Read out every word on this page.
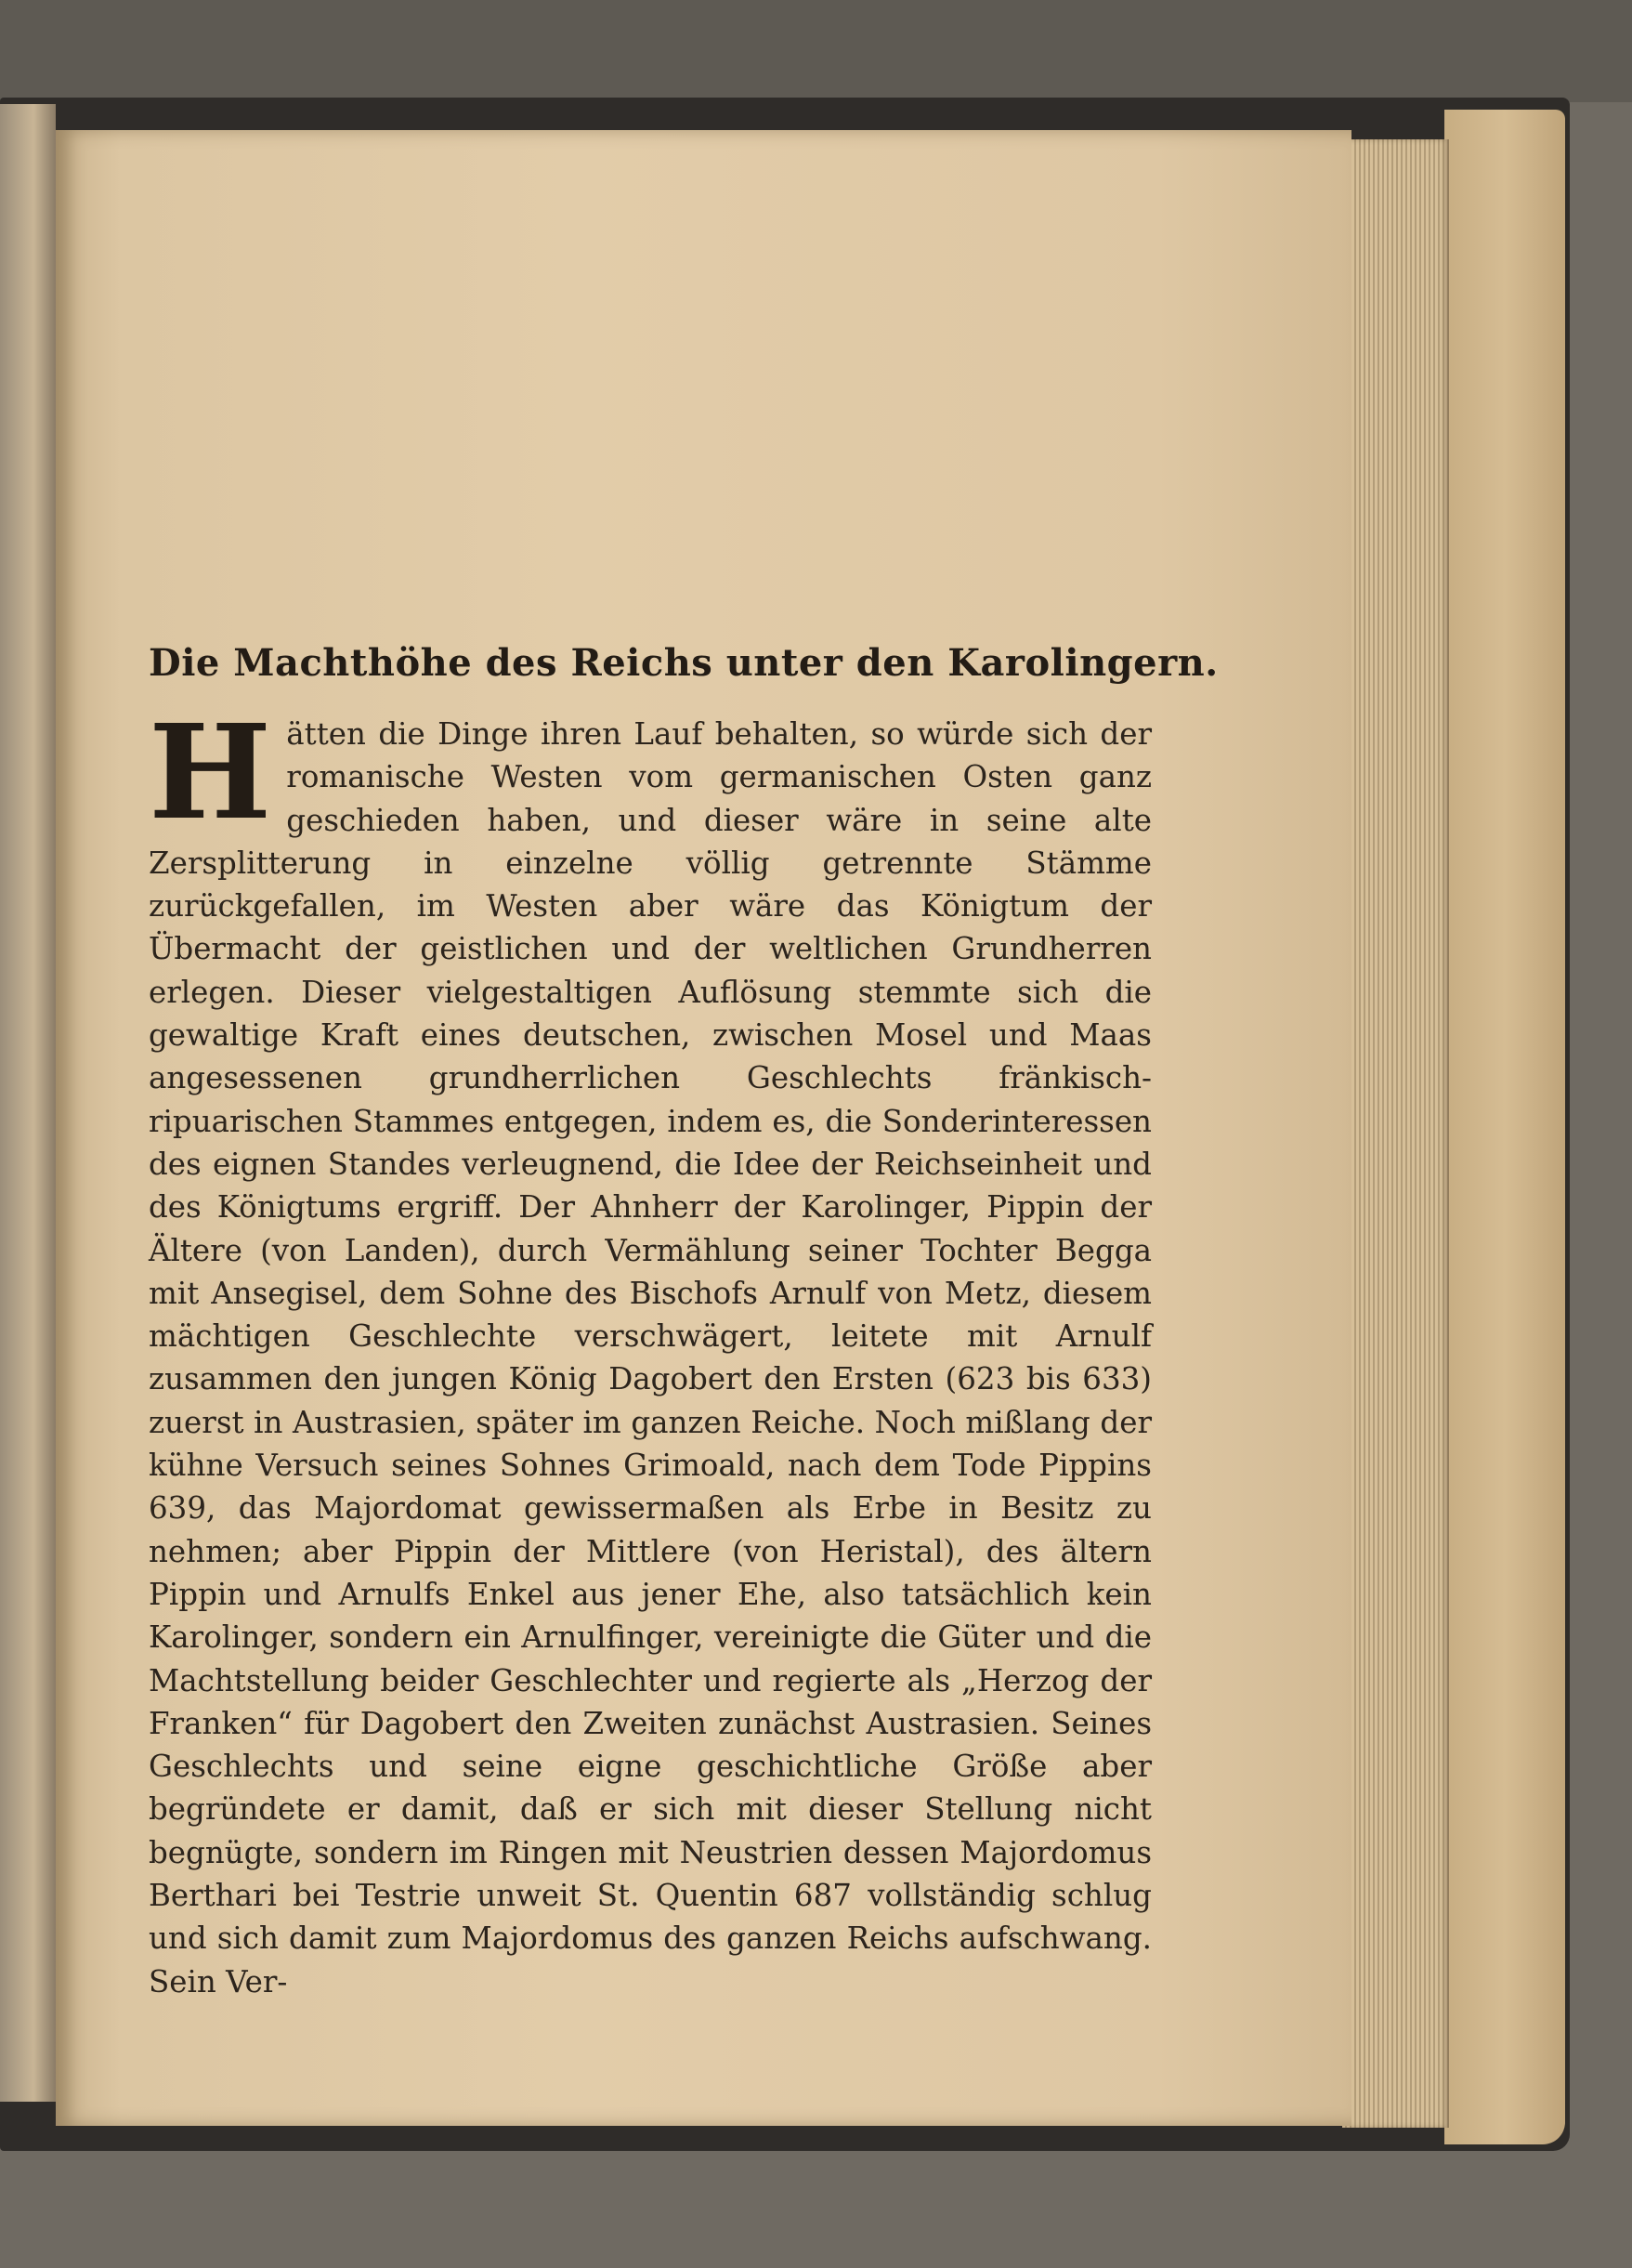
Die Machthöhe des Reichs unter den Karolingern.

Hätten die Dinge ihren Lauf behalten, so würde sich der romanische Westen vom germanischen Osten ganz geschieden haben, und dieser wäre in seine alte Zersplitterung in einzelne völlig getrennte Stämme zurückgefallen, im Westen aber wäre das Königtum der Übermacht der geistlichen und der weltlichen Grundherren erlegen. Dieser vielgestaltigen Auflösung stemmte sich die gewaltige Kraft eines deutschen, zwischen Mosel und Maas angesessenen grundherrlichen Geschlechts fränkisch-ripuarischen Stammes entgegen, indem es, die Sonderinteressen des eignen Standes verleugnend, die Idee der Reichseinheit und des Königtums ergriff. Der Ahnherr der Karolinger, Pippin der Ältere (von Landen), durch Vermählung seiner Tochter Begga mit Ansegisel, dem Sohne des Bischofs Arnulf von Metz, diesem mächtigen Geschlechte verschwägert, leitete mit Arnulf zusammen den jungen König Dagobert den Ersten (623 bis 633) zuerst in Austrasien, später im ganzen Reiche. Noch mißlang der kühne Versuch seines Sohnes Grimoald, nach dem Tode Pippins 639, das Majordomat gewissermaßen als Erbe in Besitz zu nehmen; aber Pippin der Mittlere (von Heristal), des ältern Pippin und Arnulfs Enkel aus jener Ehe, also tatsächlich kein Karolinger, sondern ein Arnulfinger, vereinigte die Güter und die Machtstellung beider Geschlechter und regierte als „Herzog der Franken“ für Dagobert den Zweiten zunächst Austrasien. Seines Geschlechts und seine eigne geschichtliche Größe aber begründete er damit, daß er sich mit dieser Stellung nicht begnügte, sondern im Ringen mit Neustrien dessen Majordomus Berthari bei Testrie unweit St. Quentin 687 vollständig schlug und sich damit zum Majordomus des ganzen Reichs aufschwang. Sein Ver-
